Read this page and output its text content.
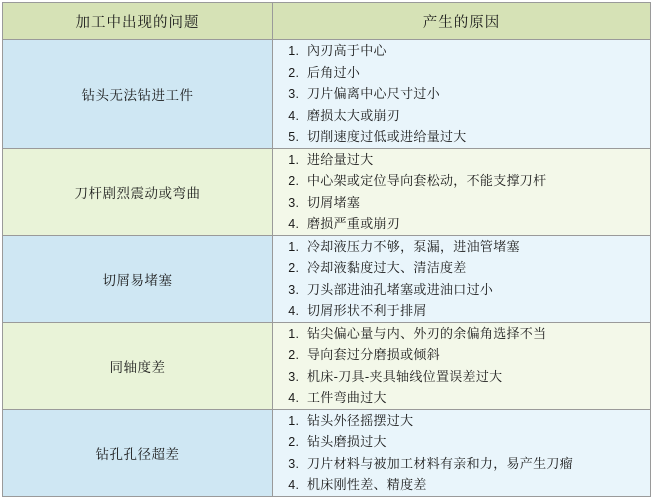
加工中出现的问题	产生的原因
钻头无法钻进工件	
1. 內刃高于中心
2. 后角过小
3. 刀片偏离中心尺寸过小
4. 磨损太大或崩刃
5. 切削速度过低或进给量过大

刀杆剧烈震动或弯曲	
1. 进给量过大
2. 中心架或定位导向套松动，不能支撑刀杆
3. 切屑堵塞
4. 磨损严重或崩刃

切屑易堵塞	
1. 冷却液压力不够，泵漏，进油管堵塞
2. 冷却液黏度过大、清洁度差
3. 刀头部进油孔堵塞或进油口过小
4. 切屑形状不利于排屑

同轴度差	
1. 钻尖偏心量与内、外刃的余偏角选择不当
2. 导向套过分磨损或倾斜
3. 机床-刀具-夹具轴线位置误差过大
4. 工件弯曲过大

钻孔孔径超差	
1. 钻头外径摇摆过大
2. 钻头磨损过大
3. 刀片材料与被加工材料有亲和力，易产生刀瘤
4. 机床刚性差、精度差
